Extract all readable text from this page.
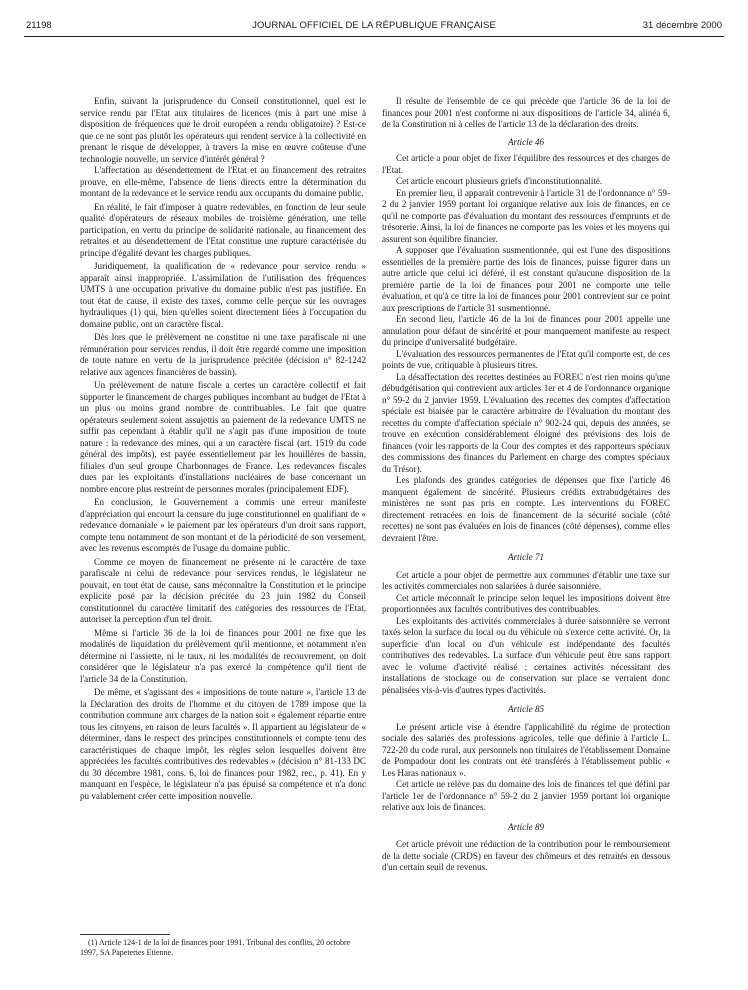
21198	JOURNAL OFFICIEL DE LA RÉPUBLIQUE FRANÇAISE	31 décembre 2000

Enfin, suivant la jurisprudence du Conseil constitutionnel, quel est le service rendu par l'Etat aux titulaires de licences (mis à part une mise à disposition de fréquences que le droit européen a rendu obligatoire) ? Est-ce que ce ne sont pas plutôt les opérateurs qui rendent service à la collectivité en prenant le risque de développer, à travers la mise en œuvre coûteuse d'une technologie nouvelle, un service d'intérêt général ?

L'affectation au désendettement de l'Etat et au financement des retraites prouve, en elle-même, l'absence de liens directs entre la détermination du montant de la redevance et le service rendu aux occupants du domaine public.

En réalité, le fait d'imposer à quatre redevables, en fonction de leur seule qualité d'opérateurs de réseaux mobiles de troisième génération, une telle participation, en vertu du principe de solidarité nationale, au financement des retraites et au désendettement de l'Etat constitue une rupture caractérisée du principe d'égalité devant les charges publiques.

Juridiquement, la qualification de « redevance pour service rendu » apparaît ainsi inappropriée. L'assimilation de l'utilisation des fréquences UMTS à une occupation privative du domaine public n'est pas justifiée. En tout état de cause, il existe des taxes, comme celle perçue sur les ouvrages hydrauliques (1) qui, bien qu'elles soient directement liées à l'occupation du domaine public, ont un caractère fiscal.

Dès lors que le prélèvement ne constitue ni une taxe parafiscale ni une rémunération pour services rendus, il doit être regardé comme une imposition de toute nature en vertu de la jurisprudence précitée (décision n° 82-1242 relative aux agences financières de bassin).

Un prélèvement de nature fiscale a certes un caractère collectif et fait supporter le financement de charges publiques incombant au budget de l'Etat à un plus ou moins grand nombre de contribuables. Le fait que quatre opérateurs seulement soient assujettis au paiement de la redevance UMTS ne suffit pas cependant à établir qu'il ne s'agit pas d'une imposition de toute nature : la redevance des mines, qui a un caractère fiscal (art. 1519 du code général des impôts), est payée essentiellement par les houillères de bassin, filiales d'un seul groupe Charbonnages de France. Les redevances fiscales dues par les exploitants d'installations nucléaires de base concernant un nombre encore plus restreint de personnes morales (principalement EDF).

En conclusion, le Gouvernement a commis une erreur manifeste d'appréciation qui encourt la censure du juge constitutionnel en qualifiant de « redevance domaniale » le paiement par les opérateurs d'un droit sans rapport, compte tenu notamment de son montant et de la périodicité de son versement, avec les revenus escomptés de l'usage du domaine public.

Comme ce moyen de financement ne présente ni le caractère de taxe parafiscale ni celui de redevance pour services rendus, le législateur ne pouvait, en tout état de cause, sans méconnaître la Constitution et le principe explicite posé par la décision précitée du 23 juin 1982 du Conseil constitutionnel du caractère limitatif des catégories des ressources de l'Etat, autoriser la perception d'un tel droit.

Même si l'article 36 de la loi de finances pour 2001 ne fixe que les modalités de liquidation du prélèvement qu'il mentionne, et notamment n'en détermine ni l'assiette, ni le taux, ni les modalités de recouvrement, on doit considérer que le législateur n'a pas exercé la compétence qu'il tient de l'article 34 de la Constitution.

De même, et s'agissant des « impositions de toute nature », l'article 13 de la Déclaration des droits de l'homme et du citoyen de 1789 impose que la contribution commune aux charges de la nation soit « également répartie entre tous les citoyens, en raison de leurs facultés ». Il appartient au législateur de « déterminer, dans le respect des principes constitutionnels et compte tenu des caractéristiques de chaque impôt, les règles selon lesquelles doivent être appréciées les facultés contributives des redevables » (décision n° 81-133 DC du 30 décembre 1981, cons. 6, loi de finances pour 1982, rec., p. 41). En y manquant en l'espèce, le législateur n'a pas épuisé sa compétence et n'a donc pu valablement créer cette imposition nouvelle.

Il résulte de l'ensemble de ce qui précède que l'article 36 de la loi de finances pour 2001 n'est conforme ni aux dispositions de l'article 34, alinéa 6, de la Constitution ni à celles de l'article 13 de la déclaration des droits.

Article 46

Cet article a pour objet de fixer l'équilibre des ressources et des charges de l'Etat.

Cet article encourt plusieurs griefs d'inconstitutionnalité.

En premier lieu, il apparaît contrevenir à l'article 31 de l'ordonnance n° 59-2 du 2 janvier 1959 portant loi organique relative aux lois de finances, en ce qu'il ne comporte pas d'évaluation du montant des ressources d'emprunts et de trésorerie. Ainsi, la loi de finances ne comporte pas les voies et les moyens qui assurent son équilibre financier.

A supposer que l'évaluation susmentionnée, qui est l'une des dispositions essentielles de la première partie des lois de finances, puisse figurer dans un autre article que celui ici déféré, il est constant qu'aucune disposition de la première partie de la loi de finances pour 2001 ne comporte une telle évaluation, et qu'à ce titre la loi de finances pour 2001 contrevient sur ce point aux prescriptions de l'article 31 susmentionné.

En second lieu, l'article 46 de la loi de finances pour 2001 appelle une annulation pour défaut de sincérité et pour manquement manifeste au respect du principe d'universalité budgétaire.

L'évaluation des ressources permanentes de l'Etat qu'il comporte est, de ces points de vue, critiquable à plusieurs titres.

La désaffectation des recettes destinées au FOREC n'est rien moins qu'une débudgétisation qui contrevient aux articles 1er et 4 de l'ordonnance organique n° 59-2 du 2 janvier 1959. L'évaluation des recettes des comptes d'affectation spéciale est biaisée par le caractère arbitraire de l'évaluation du montant des recettes du compte d'affectation spéciale n° 902-24 qui, depuis des années, se trouve en exécution considérablement éloigné des prévisions des lois de finances (voir les rapports de la Cour des comptes et des rapporteurs spéciaux des commissions des finances du Parlement en charge des comptes spéciaux du Trésor).

Les plafonds des grandes catégories de dépenses que fixe l'article 46 manquent également de sincérité. Plusieurs crédits extrabudgétaires des ministères ne sont pas pris en compte. Les interventions du FOREC directement retracées en lois de financement de la sécurité sociale (côté recettes) ne sont pas évaluées en lois de finances (côté dépenses), comme elles devraient l'être.

Article 71

Cet article a pour objet de permettre aux communes d'établir une taxe sur les activités commerciales non salariées à durée saisonnière.

Cet article méconnaît le principe selon lequel les impositions doivent être proportionnées aux facultés contributives des contribuables.

Les exploitants des activités commerciales à durée saisonnière se verront taxés selon la surface du local ou du véhicule où s'exerce cette activité. Or, la superficie d'un local ou d'un véhicule est indépendante des facultés contributives des redevables. La surface d'un véhicule peut être sans rapport avec le volume d'activité réalisé : certaines activités nécessitant des installations de stockage ou de conservation sur place se verraient donc pénalisées vis-à-vis d'autres types d'activités.

Article 85

Le présent article vise à étendre l'applicabilité du régime de protection sociale des salariés des professions agricoles, telle que définie à l'article L. 722-20 du code rural, aux personnels non titulaires de l'établissement Domaine de Pompadour dont les contrats ont été transférés à l'établissement public « Les Haras nationaux ».

Cet article ne relève pas du domaine des lois de finances tel que défini par l'article 1er de l'ordonnance n° 59-2 du 2 janvier 1959 portant loi organique relative aux lois de finances.

Article 89

Cet article prévoit une réduction de la contribution pour le remboursement de la dette sociale (CRDS) en faveur des chômeurs et des retraités en dessous d'un certain seuil de revenus.

(1) Article 124-1 de la loi de finances pour 1991. Tribunal des conflits, 20 octobre 1997, SA Papeteries Etienne.
